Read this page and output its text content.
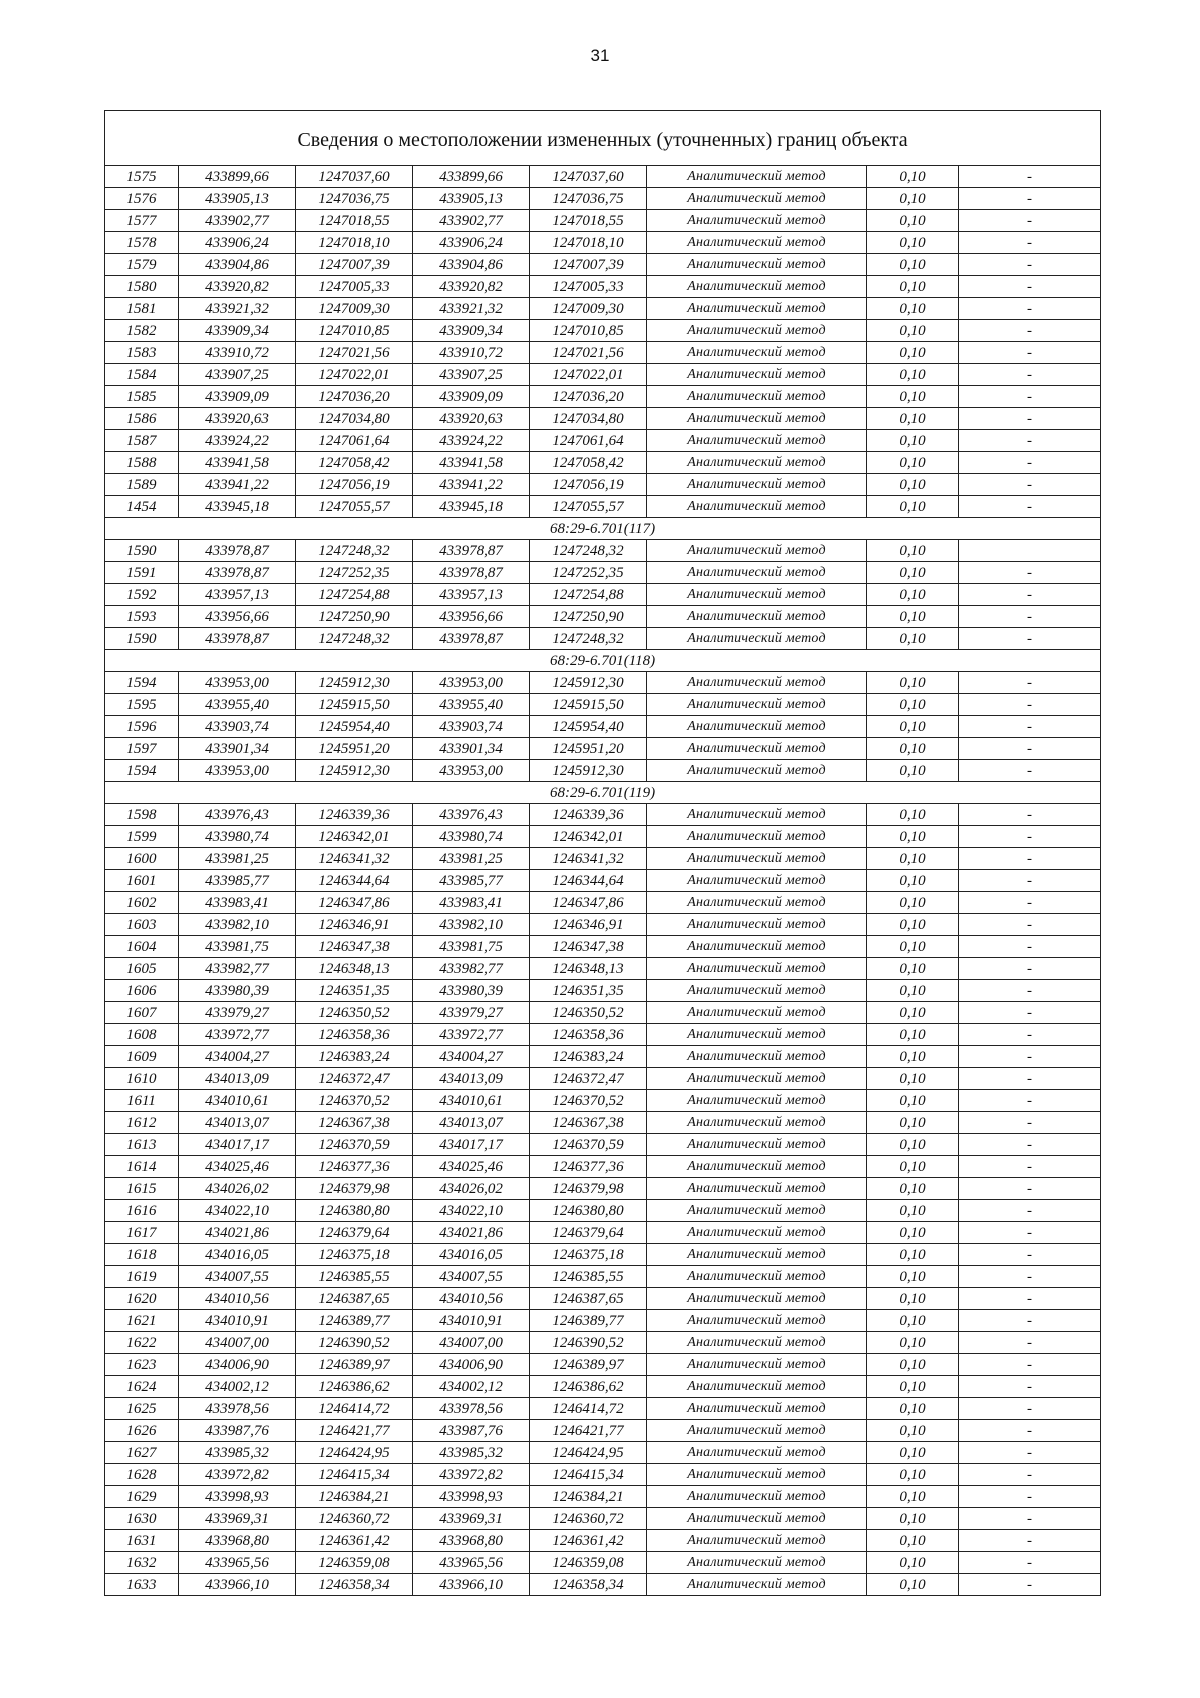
31
Сведения о местоположении измененных (уточненных) границ объекта							
1575	433899,66	1247037,60	433899,66	1247037,60	Аналитический метод	0,10	-
1576	433905,13	1247036,75	433905,13	1247036,75	Аналитический метод	0,10	-
1577	433902,77	1247018,55	433902,77	1247018,55	Аналитический метод	0,10	-
1578	433906,24	1247018,10	433906,24	1247018,10	Аналитический метод	0,10	-
1579	433904,86	1247007,39	433904,86	1247007,39	Аналитический метод	0,10	-
1580	433920,82	1247005,33	433920,82	1247005,33	Аналитический метод	0,10	-
1581	433921,32	1247009,30	433921,32	1247009,30	Аналитический метод	0,10	-
1582	433909,34	1247010,85	433909,34	1247010,85	Аналитический метод	0,10	-
1583	433910,72	1247021,56	433910,72	1247021,56	Аналитический метод	0,10	-
1584	433907,25	1247022,01	433907,25	1247022,01	Аналитический метод	0,10	-
1585	433909,09	1247036,20	433909,09	1247036,20	Аналитический метод	0,10	-
1586	433920,63	1247034,80	433920,63	1247034,80	Аналитический метод	0,10	-
1587	433924,22	1247061,64	433924,22	1247061,64	Аналитический метод	0,10	-
1588	433941,58	1247058,42	433941,58	1247058,42	Аналитический метод	0,10	-
1589	433941,22	1247056,19	433941,22	1247056,19	Аналитический метод	0,10	-
1454	433945,18	1247055,57	433945,18	1247055,57	Аналитический метод	0,10	-
68:29-6.701(117)							
1590	433978,87	1247248,32	433978,87	1247248,32	Аналитический метод	0,10	
1591	433978,87	1247252,35	433978,87	1247252,35	Аналитический метод	0,10	-
1592	433957,13	1247254,88	433957,13	1247254,88	Аналитический метод	0,10	-
1593	433956,66	1247250,90	433956,66	1247250,90	Аналитический метод	0,10	-
1590	433978,87	1247248,32	433978,87	1247248,32	Аналитический метод	0,10	-
68:29-6.701(118)							
1594	433953,00	1245912,30	433953,00	1245912,30	Аналитический метод	0,10	-
1595	433955,40	1245915,50	433955,40	1245915,50	Аналитический метод	0,10	-
1596	433903,74	1245954,40	433903,74	1245954,40	Аналитический метод	0,10	-
1597	433901,34	1245951,20	433901,34	1245951,20	Аналитический метод	0,10	-
1594	433953,00	1245912,30	433953,00	1245912,30	Аналитический метод	0,10	-
68:29-6.701(119)							
1598	433976,43	1246339,36	433976,43	1246339,36	Аналитический метод	0,10	-
1599	433980,74	1246342,01	433980,74	1246342,01	Аналитический метод	0,10	-
1600	433981,25	1246341,32	433981,25	1246341,32	Аналитический метод	0,10	-
1601	433985,77	1246344,64	433985,77	1246344,64	Аналитический метод	0,10	-
1602	433983,41	1246347,86	433983,41	1246347,86	Аналитический метод	0,10	-
1603	433982,10	1246346,91	433982,10	1246346,91	Аналитический метод	0,10	-
1604	433981,75	1246347,38	433981,75	1246347,38	Аналитический метод	0,10	-
1605	433982,77	1246348,13	433982,77	1246348,13	Аналитический метод	0,10	-
1606	433980,39	1246351,35	433980,39	1246351,35	Аналитический метод	0,10	-
1607	433979,27	1246350,52	433979,27	1246350,52	Аналитический метод	0,10	-
1608	433972,77	1246358,36	433972,77	1246358,36	Аналитический метод	0,10	-
1609	434004,27	1246383,24	434004,27	1246383,24	Аналитический метод	0,10	-
1610	434013,09	1246372,47	434013,09	1246372,47	Аналитический метод	0,10	-
1611	434010,61	1246370,52	434010,61	1246370,52	Аналитический метод	0,10	-
1612	434013,07	1246367,38	434013,07	1246367,38	Аналитический метод	0,10	-
1613	434017,17	1246370,59	434017,17	1246370,59	Аналитический метод	0,10	-
1614	434025,46	1246377,36	434025,46	1246377,36	Аналитический метод	0,10	-
1615	434026,02	1246379,98	434026,02	1246379,98	Аналитический метод	0,10	-
1616	434022,10	1246380,80	434022,10	1246380,80	Аналитический метод	0,10	-
1617	434021,86	1246379,64	434021,86	1246379,64	Аналитический метод	0,10	-
1618	434016,05	1246375,18	434016,05	1246375,18	Аналитический метод	0,10	-
1619	434007,55	1246385,55	434007,55	1246385,55	Аналитический метод	0,10	-
1620	434010,56	1246387,65	434010,56	1246387,65	Аналитический метод	0,10	-
1621	434010,91	1246389,77	434010,91	1246389,77	Аналитический метод	0,10	-
1622	434007,00	1246390,52	434007,00	1246390,52	Аналитический метод	0,10	-
1623	434006,90	1246389,97	434006,90	1246389,97	Аналитический метод	0,10	-
1624	434002,12	1246386,62	434002,12	1246386,62	Аналитический метод	0,10	-
1625	433978,56	1246414,72	433978,56	1246414,72	Аналитический метод	0,10	-
1626	433987,76	1246421,77	433987,76	1246421,77	Аналитический метод	0,10	-
1627	433985,32	1246424,95	433985,32	1246424,95	Аналитический метод	0,10	-
1628	433972,82	1246415,34	433972,82	1246415,34	Аналитический метод	0,10	-
1629	433998,93	1246384,21	433998,93	1246384,21	Аналитический метод	0,10	-
1630	433969,31	1246360,72	433969,31	1246360,72	Аналитический метод	0,10	-
1631	433968,80	1246361,42	433968,80	1246361,42	Аналитический метод	0,10	-
1632	433965,56	1246359,08	433965,56	1246359,08	Аналитический метод	0,10	-
1633	433966,10	1246358,34	433966,10	1246358,34	Аналитический метод	0,10	-
